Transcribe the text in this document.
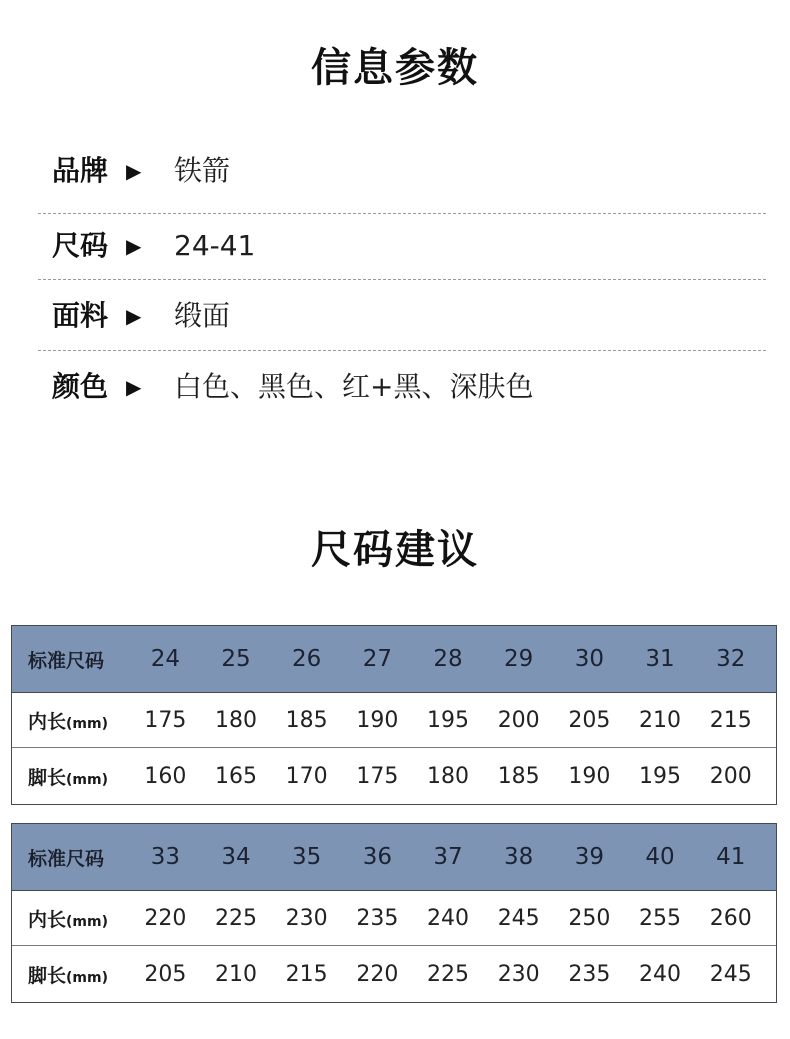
信息参数
品牌 ▶ 铁箭
尺码 ▶ 24-41
面料 ▶ 缎面
颜色 ▶ 白色、黑色、红+黑、深肤色
尺码建议
标准尺码	24	25	26	27	28	29	30	31	32
内长(mm)	175	180	185	190	195	200	205	210	215
脚长(mm)	160	165	170	175	180	185	190	195	200
标准尺码	33	34	35	36	37	38	39	40	41
内长(mm)	220	225	230	235	240	245	250	255	260
脚长(mm)	205	210	215	220	225	230	235	240	245
